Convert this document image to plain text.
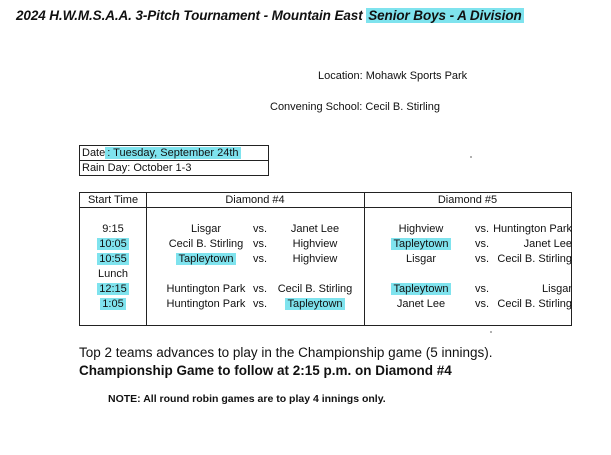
2024 H.W.M.S.A.A. 3-Pitch Tournament - Mountain East Senior Boys - A Division
Location: Mohawk Sports Park
Convening School: Cecil B. Stirling
Date : Tuesday, September 24th
Rain Day: October 1-3
Start Time	Diamond #4	Diamond #5
9:15	Lisgar	vs.	Janet Lee	Highview	vs. Huntington Park
10:05	Cecil B. Stirling vs.	Highview	Tapleytown	vs.	Janet Lee
10:55	Tapleytown	vs.	Highview	Lisgar	vs. Cecil B. Stirling
Lunch
12:15	Huntington Park vs. Cecil B. Stirling	Tapleytown	vs.	Lisgar
1:05	Huntington Park vs.	Tapleytown	Janet Lee	vs. Cecil B. Stirling
Top 2 teams advances to play in the Championship game (5 innings).
Championship Game to follow at 2:15 p.m. on Diamond #4
NOTE: All round robin games are to play 4 innings only.
